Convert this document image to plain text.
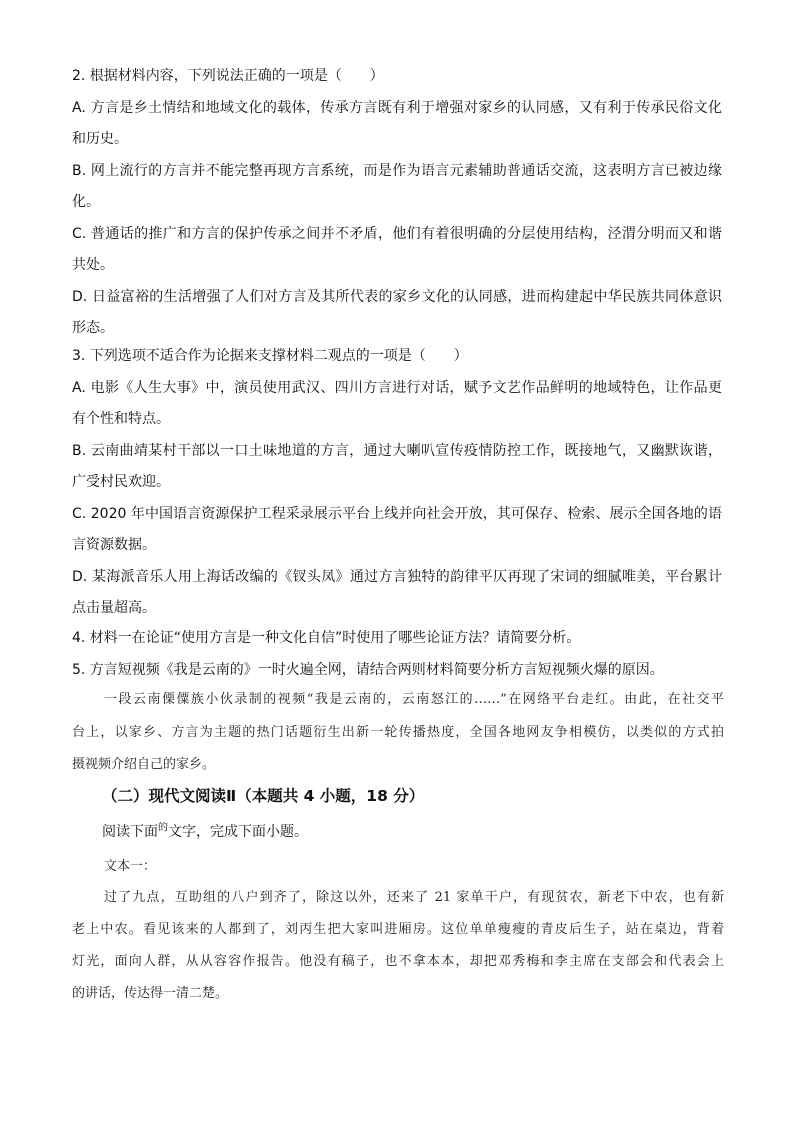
2. 根据材料内容，下列说法正确的一项是（　　）
A. 方言是乡土情结和地域文化的载体，传承方言既有利于增强对家乡的认同感，又有利于传承民俗文化
和历史。
B. 网上流行的方言并不能完整再现方言系统，而是作为语言元素辅助普通话交流，这表明方言已被边缘
化。
C. 普通话的推广和方言的保护传承之间并不矛盾，他们有着很明确的分层使用结构，泾渭分明而又和谐
共处。
D. 日益富裕的生活增强了人们对方言及其所代表的家乡文化的认同感，进而构建起中华民族共同体意识
形态。
3. 下列选项不适合作为论据来支撑材料二观点的一项是（　　）
A. 电影《人生大事》中，演员使用武汉、四川方言进行对话，赋予文艺作品鲜明的地域特色，让作品更
有个性和特点。
B. 云南曲靖某村干部以一口土味地道的方言，通过大喇叭宣传疫情防控工作，既接地气，又幽默诙谐，
广受村民欢迎。
C. 2020 年中国语言资源保护工程采录展示平台上线并向社会开放，其可保存、检索、展示全国各地的语
言资源数据。
D. 某海派音乐人用上海话改编的《钗头凤》通过方言独特的韵律平仄再现了宋词的细腻唯美，平台累计
点击量超高。
4. 材料一在论证“使用方言是一种文化自信”时使用了哪些论证方法？请简要分析。
5. 方言短视频《我是云南的》一时火遍全网，请结合两则材料简要分析方言短视频火爆的原因。
一段云南傈僳族小伙录制的视频“我是云南的，云南怒江的……”在网络平台走红。由此，在社交平
台上，以家乡、方言为主题的热门话题衍生出新一轮传播热度，全国各地网友争相模仿，以类似的方式拍
摄视频介绍自己的家乡。
（二）现代文阅读Ⅱ（本题共 4 小题，18 分）
阅读下面$^的$文字，完成下面小题。
文本一：
过了九点，互助组的八户到齐了，除这以外，还来了 21 家单干户，有现贫农，新老下中农，也有新
老上中农。看见该来的人都到了，刘丙生把大家叫进厢房。这位单单瘦瘦的青皮后生子，站在桌边，背着
灯光，面向人群，从从容容作报告。他没有稿子，也不拿本本，却把邓秀梅和李主席在支部会和代表会上
的讲话，传达得一清二楚。
